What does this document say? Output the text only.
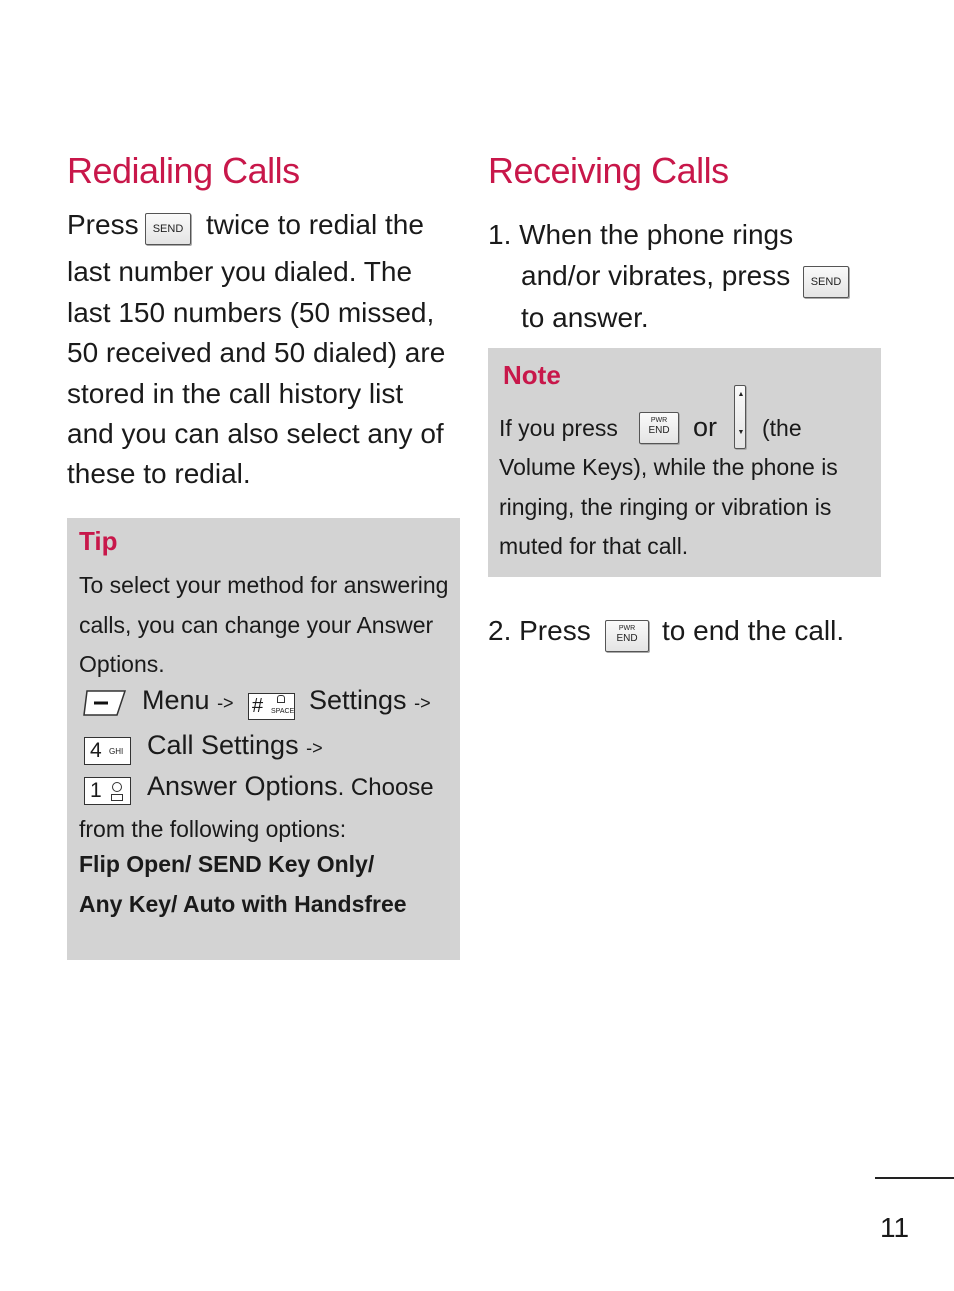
Redialing Calls
Press	SEND twice to redial the
last number you dialed. The
last 150 numbers (50 missed,
50 received and 50 dialed) are
stored in the call history list
and you can also select any of
these to redial.
Tip
To select your method for answering
calls, you can change your Answer
Options.
Menu -> # SPACE Settings ->
4 GHI Call Settings ->
1 Answer Options. Choose
from the following options:
Flip Open/ SEND Key Only/
Any Key/ Auto with Handsfree
Receiving Calls
1. When the phone rings
and/or vibrates, press	SEND
to answer.
Note
If you press	PWR
END or
▲
▼ (the
Volume Keys), while the phone is
ringing, the ringing or vibration is
muted for that call.
2. Press	PWR
END to end the call.
11
